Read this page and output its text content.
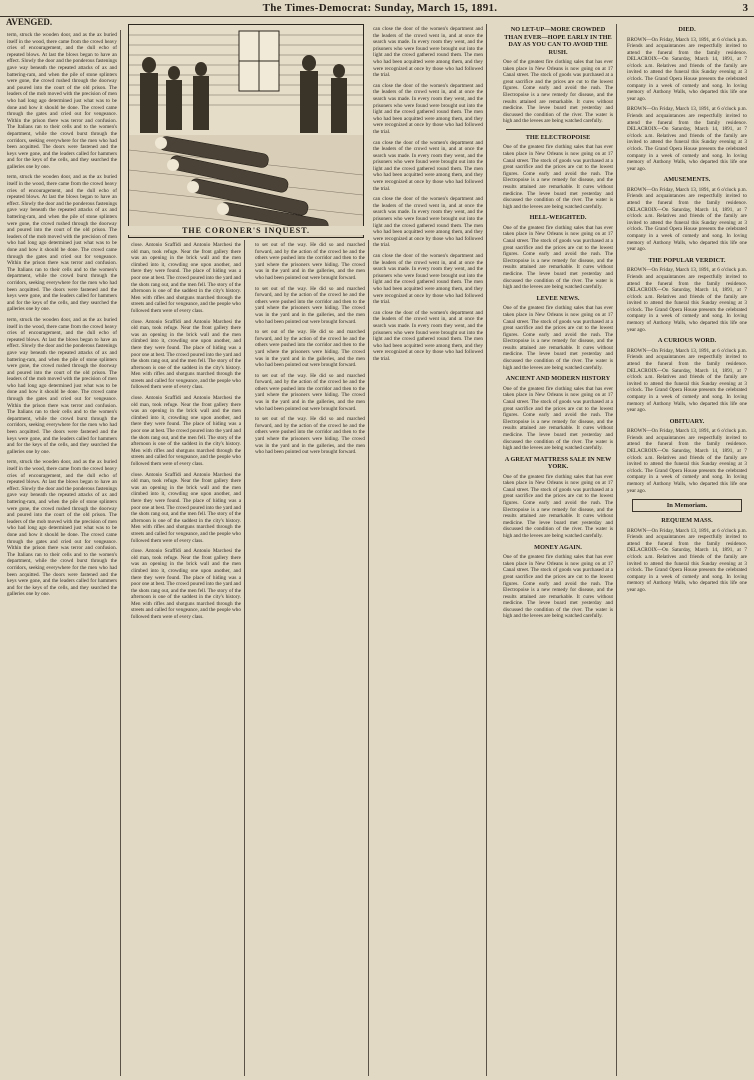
The Times-Democrat: Sunday, March 15, 1891.	3
AVENGED.
term, struck the wooden door, and as the ax buried itself in the wood, there came from the crowd heavy cries of encouragement, and the dull echo of repeated blows. At last the blows began to have an effect. Slowly the door and the ponderous fastenings gave way beneath the repeated attacks of ax and battering-ram, and when the pile of stone splinters were gone, the crowd rushed through the doorway and poured into the court of the old prison. The leaders of the mob moved with the precision of men who had long ago determined just what was to be done and how it should be done. The crowd came through the gates and cried out for vengeance. Within the prison there was terror and confusion. The Italians ran to their cells and to the women's department, while the crowd burst through the corridors, seeking everywhere for the men who had been acquitted. The doors were fastened and the keys were gone, and the leaders called for hammers and for the keys of the cells, and they searched the galleries one by one.
term, struck the wooden door, and as the ax buried itself in the wood, there came from the crowd heavy cries of encouragement, and the dull echo of repeated blows. At last the blows began to have an effect. Slowly the door and the ponderous fastenings gave way beneath the repeated attacks of ax and battering-ram, and when the pile of stone splinters were gone, the crowd rushed through the doorway and poured into the court of the old prison. The leaders of the mob moved with the precision of men who had long ago determined just what was to be done and how it should be done. The crowd came through the gates and cried out for vengeance. Within the prison there was terror and confusion. The Italians ran to their cells and to the women's department, while the crowd burst through the corridors, seeking everywhere for the men who had been acquitted. The doors were fastened and the keys were gone, and the leaders called for hammers and for the keys of the cells, and they searched the galleries one by one.
term, struck the wooden door, and as the ax buried itself in the wood, there came from the crowd heavy cries of encouragement, and the dull echo of repeated blows. At last the blows began to have an effect. Slowly the door and the ponderous fastenings gave way beneath the repeated attacks of ax and battering-ram, and when the pile of stone splinters were gone, the crowd rushed through the doorway and poured into the court of the old prison. The leaders of the mob moved with the precision of men who had long ago determined just what was to be done and how it should be done. The crowd came through the gates and cried out for vengeance. Within the prison there was terror and confusion. The Italians ran to their cells and to the women's department, while the crowd burst through the corridors, seeking everywhere for the men who had been acquitted. The doors were fastened and the keys were gone, and the leaders called for hammers and for the keys of the cells, and they searched the galleries one by one.
term, struck the wooden door, and as the ax buried itself in the wood, there came from the crowd heavy cries of encouragement, and the dull echo of repeated blows. At last the blows began to have an effect. Slowly the door and the ponderous fastenings gave way beneath the repeated attacks of ax and battering-ram, and when the pile of stone splinters were gone, the crowd rushed through the doorway and poured into the court of the old prison. The leaders of the mob moved with the precision of men who had long ago determined just what was to be done and how it should be done. The crowd came through the gates and cried out for vengeance. Within the prison there was terror and confusion. The Italians ran to their cells and to the women's department, while the crowd burst through the corridors, seeking everywhere for the men who had been acquitted. The doors were fastened and the keys were gone, and the leaders called for hammers and for the keys of the cells, and they searched the galleries one by one.
THE CORONER'S INQUEST.
close. Antonio Scaffidi and Antonio Marchesi the old man, took refuge. Near the front gallery there was an opening in the brick wall and the men climbed into it, crowding one upon another, and there they were found. The place of hiding was a poor one at best. The crowd poured into the yard and the shots rang out, and the men fell. The story of the afternoon is one of the saddest in the city's history. Men with rifles and shotguns marched through the streets and called for vengeance, and the people who followed them were of every class.
close. Antonio Scaffidi and Antonio Marchesi the old man, took refuge. Near the front gallery there was an opening in the brick wall and the men climbed into it, crowding one upon another, and there they were found. The place of hiding was a poor one at best. The crowd poured into the yard and the shots rang out, and the men fell. The story of the afternoon is one of the saddest in the city's history. Men with rifles and shotguns marched through the streets and called for vengeance, and the people who followed them were of every class.
close. Antonio Scaffidi and Antonio Marchesi the old man, took refuge. Near the front gallery there was an opening in the brick wall and the men climbed into it, crowding one upon another, and there they were found. The place of hiding was a poor one at best. The crowd poured into the yard and the shots rang out, and the men fell. The story of the afternoon is one of the saddest in the city's history. Men with rifles and shotguns marched through the streets and called for vengeance, and the people who followed them were of every class.
close. Antonio Scaffidi and Antonio Marchesi the old man, took refuge. Near the front gallery there was an opening in the brick wall and the men climbed into it, crowding one upon another, and there they were found. The place of hiding was a poor one at best. The crowd poured into the yard and the shots rang out, and the men fell. The story of the afternoon is one of the saddest in the city's history. Men with rifles and shotguns marched through the streets and called for vengeance, and the people who followed them were of every class.
close. Antonio Scaffidi and Antonio Marchesi the old man, took refuge. Near the front gallery there was an opening in the brick wall and the men climbed into it, crowding one upon another, and there they were found. The place of hiding was a poor one at best. The crowd poured into the yard and the shots rang out, and the men fell. The story of the afternoon is one of the saddest in the city's history. Men with rifles and shotguns marched through the streets and called for vengeance, and the people who followed them were of every class.
to set out of the way. He did so and marched forward, and by the action of the crowd he and the others were pushed into the corridor and then to the yard where the prisoners were hiding. The crowd was in the yard and in the galleries, and the men who had been pointed out were brought forward.
to set out of the way. He did so and marched forward, and by the action of the crowd he and the others were pushed into the corridor and then to the yard where the prisoners were hiding. The crowd was in the yard and in the galleries, and the men who had been pointed out were brought forward.
to set out of the way. He did so and marched forward, and by the action of the crowd he and the others were pushed into the corridor and then to the yard where the prisoners were hiding. The crowd was in the yard and in the galleries, and the men who had been pointed out were brought forward.
to set out of the way. He did so and marched forward, and by the action of the crowd he and the others were pushed into the corridor and then to the yard where the prisoners were hiding. The crowd was in the yard and in the galleries, and the men who had been pointed out were brought forward.
to set out of the way. He did so and marched forward, and by the action of the crowd he and the others were pushed into the corridor and then to the yard where the prisoners were hiding. The crowd was in the yard and in the galleries, and the men who had been pointed out were brought forward.
can close the door of the women's department and the leaders of the crowd went in, and at once the search was made. In every room they went, and the prisoners who were found were brought out into the light and the crowd gathered round them. The men who had been acquitted were among them, and they were recognized at once by those who had followed the trial.
can close the door of the women's department and the leaders of the crowd went in, and at once the search was made. In every room they went, and the prisoners who were found were brought out into the light and the crowd gathered round them. The men who had been acquitted were among them, and they were recognized at once by those who had followed the trial.
can close the door of the women's department and the leaders of the crowd went in, and at once the search was made. In every room they went, and the prisoners who were found were brought out into the light and the crowd gathered round them. The men who had been acquitted were among them, and they were recognized at once by those who had followed the trial.
can close the door of the women's department and the leaders of the crowd went in, and at once the search was made. In every room they went, and the prisoners who were found were brought out into the light and the crowd gathered round them. The men who had been acquitted were among them, and they were recognized at once by those who had followed the trial.
can close the door of the women's department and the leaders of the crowd went in, and at once the search was made. In every room they went, and the prisoners who were found were brought out into the light and the crowd gathered round them. The men who had been acquitted were among them, and they were recognized at once by those who had followed the trial.
can close the door of the women's department and the leaders of the crowd went in, and at once the search was made. In every room they went, and the prisoners who were found were brought out into the light and the crowd gathered round them. The men who had been acquitted were among them, and they were recognized at once by those who had followed the trial.
NO LET-UP—MORE CROWDED THAN EVER—HOPE EARLY IN THE DAY AS YOU CAN TO AVOID THE RUSH.
One of the greatest fire clothing sales that has ever taken place in New Orleans is now going on at 17 Canal street. The stock of goods was purchased at a great sacrifice and the prices are cut to the lowest figures. Come early and avoid the rush. The Electropoise is a new remedy for disease, and the results attained are remarkable. It cures without medicine. The levee board met yesterday and discussed the condition of the river. The water is high and the levees are being watched carefully.
THE ELECTROPOISE
One of the greatest fire clothing sales that has ever taken place in New Orleans is now going on at 17 Canal street. The stock of goods was purchased at a great sacrifice and the prices are cut to the lowest figures. Come early and avoid the rush. The Electropoise is a new remedy for disease, and the results attained are remarkable. It cures without medicine. The levee board met yesterday and discussed the condition of the river. The water is high and the levees are being watched carefully.
HELL-WEIGHTED.
One of the greatest fire clothing sales that has ever taken place in New Orleans is now going on at 17 Canal street. The stock of goods was purchased at a great sacrifice and the prices are cut to the lowest figures. Come early and avoid the rush. The Electropoise is a new remedy for disease, and the results attained are remarkable. It cures without medicine. The levee board met yesterday and discussed the condition of the river. The water is high and the levees are being watched carefully.
LEVEE NEWS.
One of the greatest fire clothing sales that has ever taken place in New Orleans is now going on at 17 Canal street. The stock of goods was purchased at a great sacrifice and the prices are cut to the lowest figures. Come early and avoid the rush. The Electropoise is a new remedy for disease, and the results attained are remarkable. It cures without medicine. The levee board met yesterday and discussed the condition of the river. The water is high and the levees are being watched carefully.
ANCIENT AND MODERN HISTORY
One of the greatest fire clothing sales that has ever taken place in New Orleans is now going on at 17 Canal street. The stock of goods was purchased at a great sacrifice and the prices are cut to the lowest figures. Come early and avoid the rush. The Electropoise is a new remedy for disease, and the results attained are remarkable. It cures without medicine. The levee board met yesterday and discussed the condition of the river. The water is high and the levees are being watched carefully.
A GREAT MATTRESS SALE IN NEW YORK.
One of the greatest fire clothing sales that has ever taken place in New Orleans is now going on at 17 Canal street. The stock of goods was purchased at a great sacrifice and the prices are cut to the lowest figures. Come early and avoid the rush. The Electropoise is a new remedy for disease, and the results attained are remarkable. It cures without medicine. The levee board met yesterday and discussed the condition of the river. The water is high and the levees are being watched carefully.
MONEY AGAIN.
One of the greatest fire clothing sales that has ever taken place in New Orleans is now going on at 17 Canal street. The stock of goods was purchased at a great sacrifice and the prices are cut to the lowest figures. Come early and avoid the rush. The Electropoise is a new remedy for disease, and the results attained are remarkable. It cures without medicine. The levee board met yesterday and discussed the condition of the river. The water is high and the levees are being watched carefully.
DIED.
BROWN—On Friday, March 13, 1891, at 6 o'clock p.m. Friends and acquaintances are respectfully invited to attend the funeral from the family residence. DELACROIX—On Saturday, March 14, 1891, at 7 o'clock a.m. Relatives and friends of the family are invited to attend the funeral this Sunday evening at 3 o'clock. The Grand Opera House presents the celebrated company in a week of comedy and song. In loving memory of Anthony Walls, who departed this life one year ago.
BROWN—On Friday, March 13, 1891, at 6 o'clock p.m. Friends and acquaintances are respectfully invited to attend the funeral from the family residence. DELACROIX—On Saturday, March 14, 1891, at 7 o'clock a.m. Relatives and friends of the family are invited to attend the funeral this Sunday evening at 3 o'clock. The Grand Opera House presents the celebrated company in a week of comedy and song. In loving memory of Anthony Walls, who departed this life one year ago.
AMUSEMENTS.
BROWN—On Friday, March 13, 1891, at 6 o'clock p.m. Friends and acquaintances are respectfully invited to attend the funeral from the family residence. DELACROIX—On Saturday, March 14, 1891, at 7 o'clock a.m. Relatives and friends of the family are invited to attend the funeral this Sunday evening at 3 o'clock. The Grand Opera House presents the celebrated company in a week of comedy and song. In loving memory of Anthony Walls, who departed this life one year ago.
THE POPULAR VERDICT.
BROWN—On Friday, March 13, 1891, at 6 o'clock p.m. Friends and acquaintances are respectfully invited to attend the funeral from the family residence. DELACROIX—On Saturday, March 14, 1891, at 7 o'clock a.m. Relatives and friends of the family are invited to attend the funeral this Sunday evening at 3 o'clock. The Grand Opera House presents the celebrated company in a week of comedy and song. In loving memory of Anthony Walls, who departed this life one year ago.
A CURIOUS WORD.
BROWN—On Friday, March 13, 1891, at 6 o'clock p.m. Friends and acquaintances are respectfully invited to attend the funeral from the family residence. DELACROIX—On Saturday, March 14, 1891, at 7 o'clock a.m. Relatives and friends of the family are invited to attend the funeral this Sunday evening at 3 o'clock. The Grand Opera House presents the celebrated company in a week of comedy and song. In loving memory of Anthony Walls, who departed this life one year ago.
OBITUARY.
BROWN—On Friday, March 13, 1891, at 6 o'clock p.m. Friends and acquaintances are respectfully invited to attend the funeral from the family residence. DELACROIX—On Saturday, March 14, 1891, at 7 o'clock a.m. Relatives and friends of the family are invited to attend the funeral this Sunday evening at 3 o'clock. The Grand Opera House presents the celebrated company in a week of comedy and song. In loving memory of Anthony Walls, who departed this life one year ago.
In Memoriam.
REQUIEM MASS.
BROWN—On Friday, March 13, 1891, at 6 o'clock p.m. Friends and acquaintances are respectfully invited to attend the funeral from the family residence. DELACROIX—On Saturday, March 14, 1891, at 7 o'clock a.m. Relatives and friends of the family are invited to attend the funeral this Sunday evening at 3 o'clock. The Grand Opera House presents the celebrated company in a week of comedy and song. In loving memory of Anthony Walls, who departed this life one year ago.
